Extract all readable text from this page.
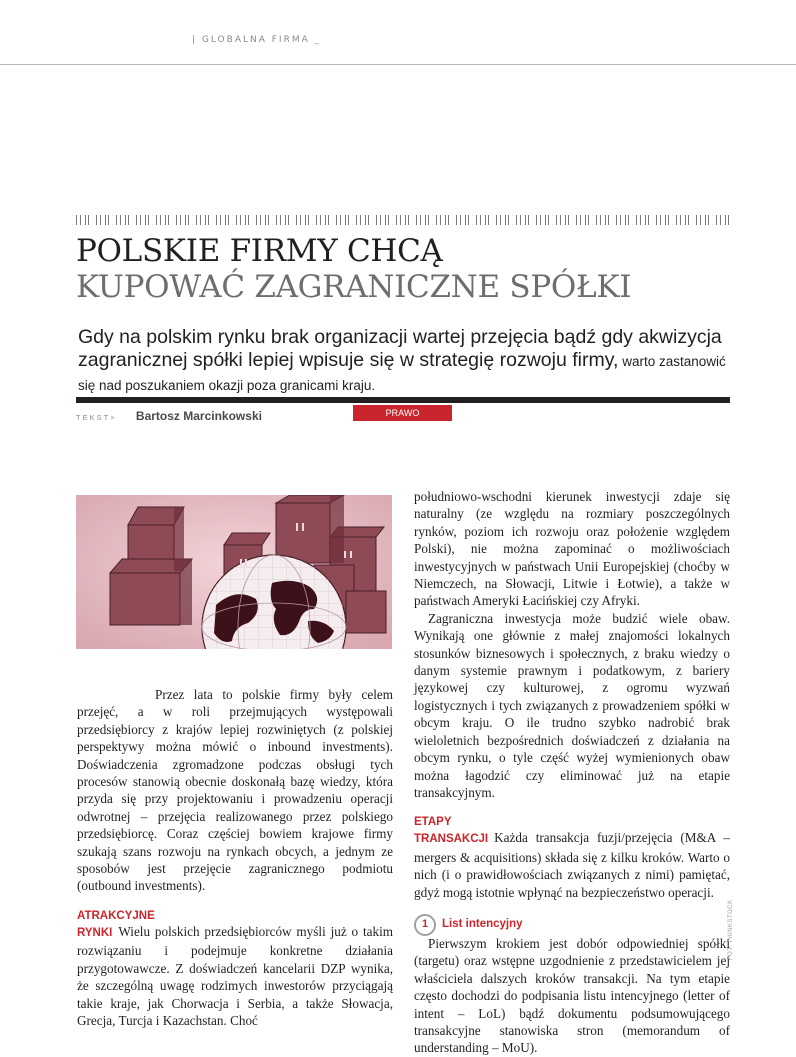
| GLOBALNA FIRMA _
POLSKIE FIRMY CHCĄ
KUPOWAĆ ZAGRANICZNE SPÓŁKI
Gdy na polskim rynku brak organizacji wartej przejęcia bądź gdy akwizycja zagranicznej spółki lepiej wpisuje się w strategię rozwoju firmy, warto zastanowić się nad poszukaniem okazji poza granicami kraju.
TEKST> Bartosz Marcinkowski	PRAWO
FOT. THINKSTOCK

Przez lata to polskie firmy były celem przejęć, a w roli przejmujących występowali przedsiębiorcy z krajów lepiej rozwiniętych (z polskiej perspektywy można mówić o inbound investments). Doświadczenia zgromadzone podczas obsługi tych procesów stanowią obecnie doskonałą bazę wiedzy, która przyda się przy projektowaniu i prowadzeniu operacji odwrotnej – przejęcia realizowanego przez polskiego przedsiębiorcę. Coraz częściej bowiem krajowe firmy szukają szans rozwoju na rynkach obcych, a jednym ze sposobów jest przejęcie zagranicznego podmiotu (outbound investments).

ATRAKCYJNE

RYNKI Wielu polskich przedsiębiorców myśli już o takim rozwiązaniu i podejmuje konkretne działania przygotowawcze. Z doświadczeń kancelarii DZP wynika, że szczególną uwagę rodzimych inwestorów przyciągają takie kraje, jak Chorwacja i Serbia, a także Słowacja, Grecja, Turcja i Kazachstan. Choć

południowo-wschodni kierunek inwestycji zdaje się naturalny (ze względu na rozmiary poszczególnych rynków, poziom ich rozwoju oraz położenie względem Polski), nie można zapominać o możliwościach inwestycyjnych w państwach Unii Europejskiej (choćby w Niemczech, na Słowacji, Litwie i Łotwie), a także w państwach Ameryki Łacińskiej czy Afryki.

Zagraniczna inwestycja może budzić wiele obaw. Wynikają one głównie z małej znajomości lokalnych stosunków biznesowych i społecznych, z braku wiedzy o danym systemie prawnym i podatkowym, z bariery językowej czy kulturowej, z ogromu wyzwań logistycznych i tych związanych z prowadzeniem spółki w obcym kraju. O ile trudno szybko nadrobić brak wieloletnich bezpośrednich doświadczeń z działania na obcym rynku, o tyle część wyżej wymienionych obaw można łagodzić czy eliminować już na etapie transakcyjnym.

ETAPY

TRANSAKCJI Każda transakcja fuzji/przejęcia (M&A – mergers & acquisitions) składa się z kilku kroków. Warto o nich (i o prawidłowościach związanych z nimi) pamiętać, gdyż mogą istotnie wpłynąć na bezpieczeństwo operacji.

1	List intencyjny

Pierwszym krokiem jest dobór odpowiedniej spółki (targetu) oraz wstępne uzgodnienie z przedstawicielem jej właściciela dalszych kroków transakcji. Na tym etapie często dochodzi do podpisania listu intencyjnego (letter of intent – LoL) bądź dokumentu podsumowującego transakcyjne stanowiska stron (memorandum of understanding – MoU).
